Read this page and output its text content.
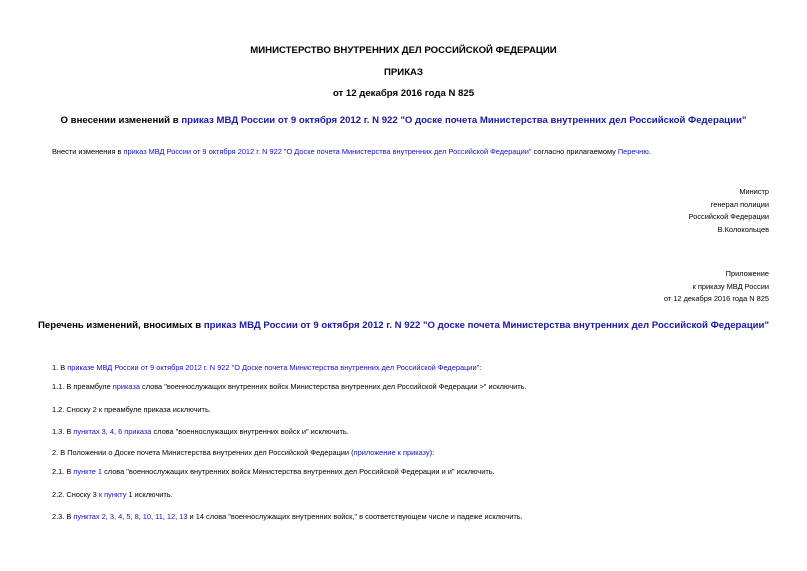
МИНИСТЕРСТВО ВНУТРЕННИХ ДЕЛ РОССИЙСКОЙ ФЕДЕРАЦИИ
ПРИКАЗ
от 12 декабря 2016 года N 825
О внесении изменений в приказ МВД России от 9 октября 2012 г. N 922 "О доске почета Министерства внутренних дел Российской Федерации"
Внести изменения в приказ МВД России от 9 октября 2012 г. N 922 "О Доске почета Министерства внутренних дел Российской Федерации" согласно прилагаемому Перечню.
Министр
генерал полиции
Российской Федерации
В.Колокольцев
Приложение
к приказу МВД России
от 12 декабря 2016 года N 825
Перечень изменений, вносимых в приказ МВД России от 9 октября 2012 г. N 922 "О доске почета Министерства внутренних дел Российской Федерации"
1. В приказе МВД России от 9 октября 2012 г. N 922 "О Доске почета Министерства внутренних дел Российской Федерации":
1.1. В преамбуле приказа слова "военнослужащих внутренних войск Министерства внутренних дел Российской Федерации >" исключить.
1.2. Сноску 2 к преамбуле приказа исключить.
1.3. В пунктах 3, 4, 6 приказа слова "военнослужащих внутренних войск и" исключить.
2. В Положении о Доске почета Министерства внутренних дел Российской Федерации (приложение к приказу):
2.1. В пункте 1 слова "военнослужащих внутренних войск Министерства внутренних дел Российской Федерации и и" исключить.
2.2. Сноску 3 к пункту 1 исключить.
2.3. В пунктах 2, 3, 4, 5, 8, 10, 11, 12, 13 и 14 слова "военнослужащих внутренних войск," в соответствующем числе и падеже исключить.
